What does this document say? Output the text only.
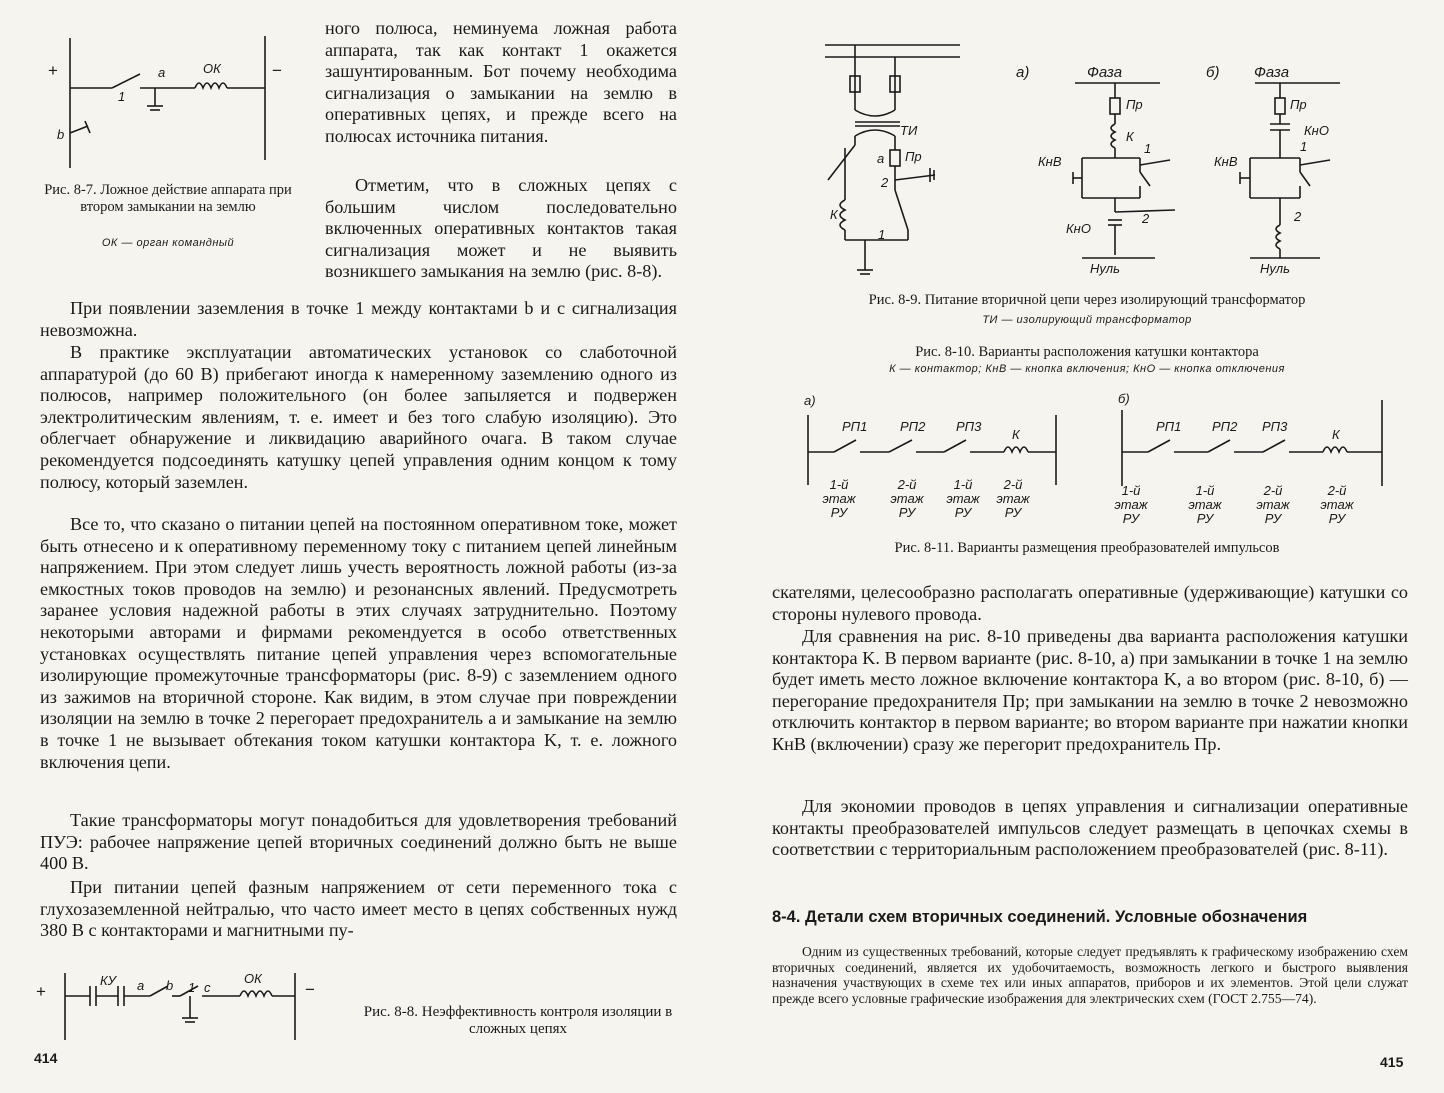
+	−
a	ОК
1
b

Рис. 8-7. Ложное действие аппарата при втором замыкании на землю

ОК — орган командный

ного полюса, неминуема ложная работа аппарата, так как контакт 1 окажется зашунтированным. Бот почему необходима сигнализация о замыкании на землю в оперативных цепях, и прежде всего на полюсах источника питания.

Отметим, что в сложных цепях с большим числом последовательно включенных оперативных контактов такая сигнализация может и не выявить возникшего замыкания на землю (рис. 8-8).

При появлении заземления в точке 1 между контактами b и c сигнализация невозможна.

В практике эксплуатации автоматических установок со слаботочной аппаратурой (до 60 В) прибегают иногда к намеренному заземлению одного из полюсов, например положительного (он более запыляется и подвержен электролитическим явлениям, т. е. имеет и без того слабую изоляцию). Это облегчает обнаружение и ликвидацию аварийного очага. В таком случае рекомендуется подсоединять катушку цепей управления одним концом к тому полюсу, который заземлен.

Все то, что сказано о питании цепей на постоянном оперативном токе, может быть отнесено и к оперативному переменному току с питанием цепей линейным напряжением. При этом следует лишь учесть вероятность ложной работы (из-за емкостных токов проводов на землю) и резонансных явлений. Предусмотреть заранее условия надежной работы в этих случаях затруднительно. Поэтому некоторыми авторами и фирмами рекомендуется в особо ответственных установках осуществлять питание цепей управления через вспомогательные изолирующие промежуточные трансформаторы (рис. 8-9) с заземлением одного из зажимов на вторичной стороне. Как видим, в этом случае при повреждении изоляции на землю в точке 2 перегорает предохранитель a и замыкание на землю в точке 1 не вызывает обтекания током катушки контактора K, т. е. ложного включения цепи.

Такие трансформаторы могут понадобиться для удовлетворения требований ПУЭ: рабочее напряжение цепей вторичных соединений должно быть не выше 400 В.

При питании цепей фазным напряжением от сети переменного тока с глухозаземленной нейтралью, что часто имеет место в цепях собственных нужд 380 В с контакторами и магнитными пу-

+	−
КУ a b 1 c
ОК

Рис. 8-8. Неэффективность контроля изоляции в сложных цепях

414
ТИ
a Пр
2
К
1
а)	Фаза
Пр
К
КнВ
КнО
1
2
Нуль
б) Фаза
Пр
КнО
КнВ
1
2
Нуль

Рис. 8-9. Питание вторичной цепи через изолирующий трансформатор

ТИ — изолирующий трансформатор

Рис. 8-10. Варианты расположения катушки контактора

К — контактор; КнВ — кнопка включения; КнО — кнопка отключения

а)
РП1	РП2 РП3
К
1-й
этаж
РУ
2-й
этаж
РУ
1-й
этаж
РУ
2-й
этаж
РУ
б)
РП1 РП2 РП3
К
1-й
этаж
РУ
1-й
этаж
РУ
2-й
этаж
РУ
2-й
этаж
РУ

Рис. 8-11. Варианты размещения преобразователей импульсов

скателями, целесообразно располагать оперативные (удерживающие) катушки со стороны нулевого провода.

Для сравнения на рис. 8-10 приведены два варианта расположения катушки контактора K. В первом варианте (рис. 8-10, а) при замыкании в точке 1 на землю будет иметь место ложное включение контактора K, а во втором (рис. 8-10, б) — перегорание предохранителя Пр; при замыкании на землю в точке 2 невозможно отключить контактор в первом варианте; во втором варианте при нажатии кнопки КнВ (включении) сразу же перегорит предохранитель Пр.

Для экономии проводов в цепях управления и сигнализации оперативные контакты преобразователей импульсов следует размещать в цепочках схемы в соответствии с территориальным расположением преобразователей (рис. 8-11).

8-4. Детали схем вторичных соединений. Условные обозначения

Одним из существенных требований, которые следует предъявлять к графическому изображению схем вторичных соединений, является их удобочитаемость, возможность легкого и быстрого выявления назначения участвующих в схеме тех или иных аппаратов, приборов и их элементов. Этой цели служат прежде всего условные графические изображения для электрических схем (ГОСТ 2.755—74).

415
